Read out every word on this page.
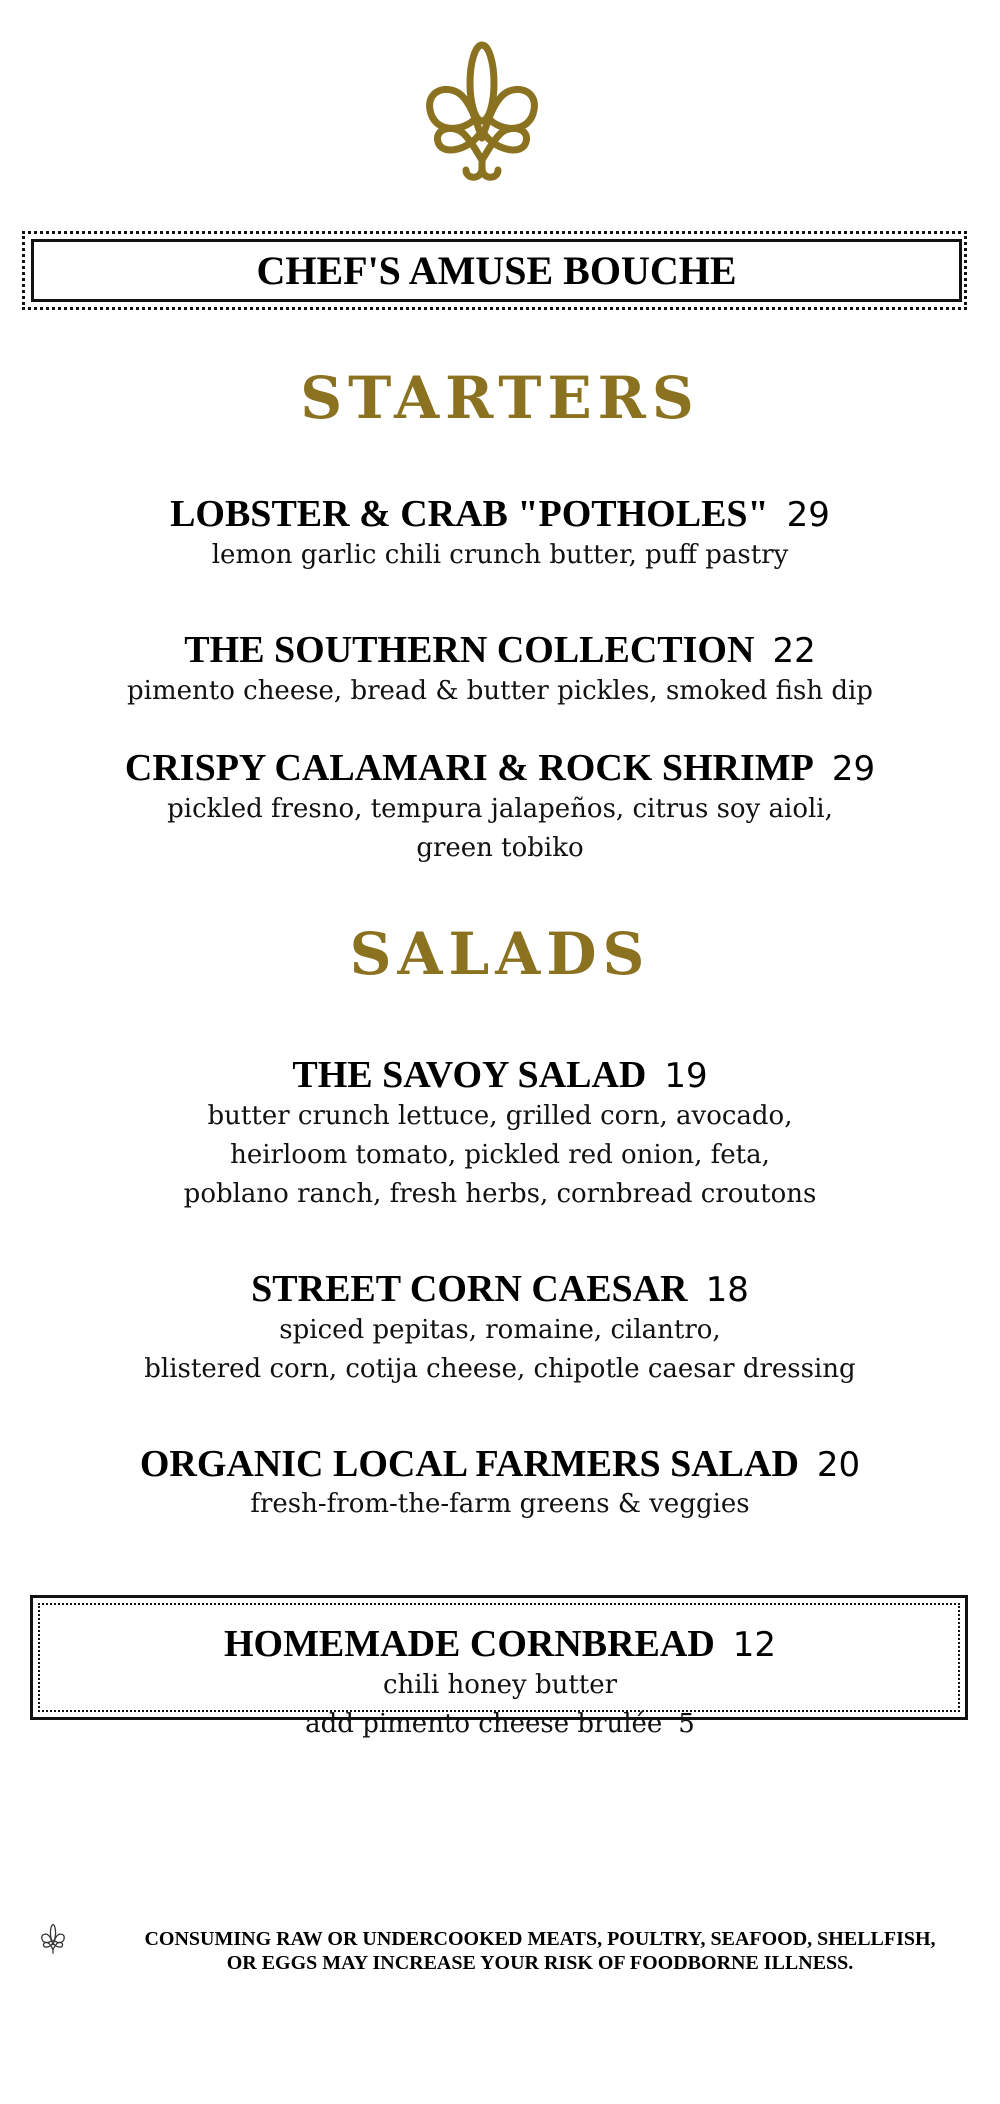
CHEF'S AMUSE BOUCHE
STARTERS
LOBSTER & CRAB "POTHOLES" 29
lemon garlic chili crunch butter, puff pastry
THE SOUTHERN COLLECTION 22
pimento cheese, bread & butter pickles, smoked fish dip
CRISPY CALAMARI & ROCK SHRIMP 29
pickled fresno, tempura jalapeños, citrus soy aioli,
green tobiko
SALADS
THE SAVOY SALAD 19
butter crunch lettuce, grilled corn, avocado,
heirloom tomato, pickled red onion, feta,
poblano ranch, fresh herbs, cornbread croutons
STREET CORN CAESAR 18
spiced pepitas, romaine, cilantro,
blistered corn, cotija cheese, chipotle caesar dressing
ORGANIC LOCAL FARMERS SALAD 20
fresh-from-the-farm greens & veggies
HOMEMADE CORNBREAD 12
chili honey butter
add pimento cheese brulée 5
CONSUMING RAW OR UNDERCOOKED MEATS, POULTRY, SEAFOOD, SHELLFISH,
OR EGGS MAY INCREASE YOUR RISK OF FOODBORNE ILLNESS.
